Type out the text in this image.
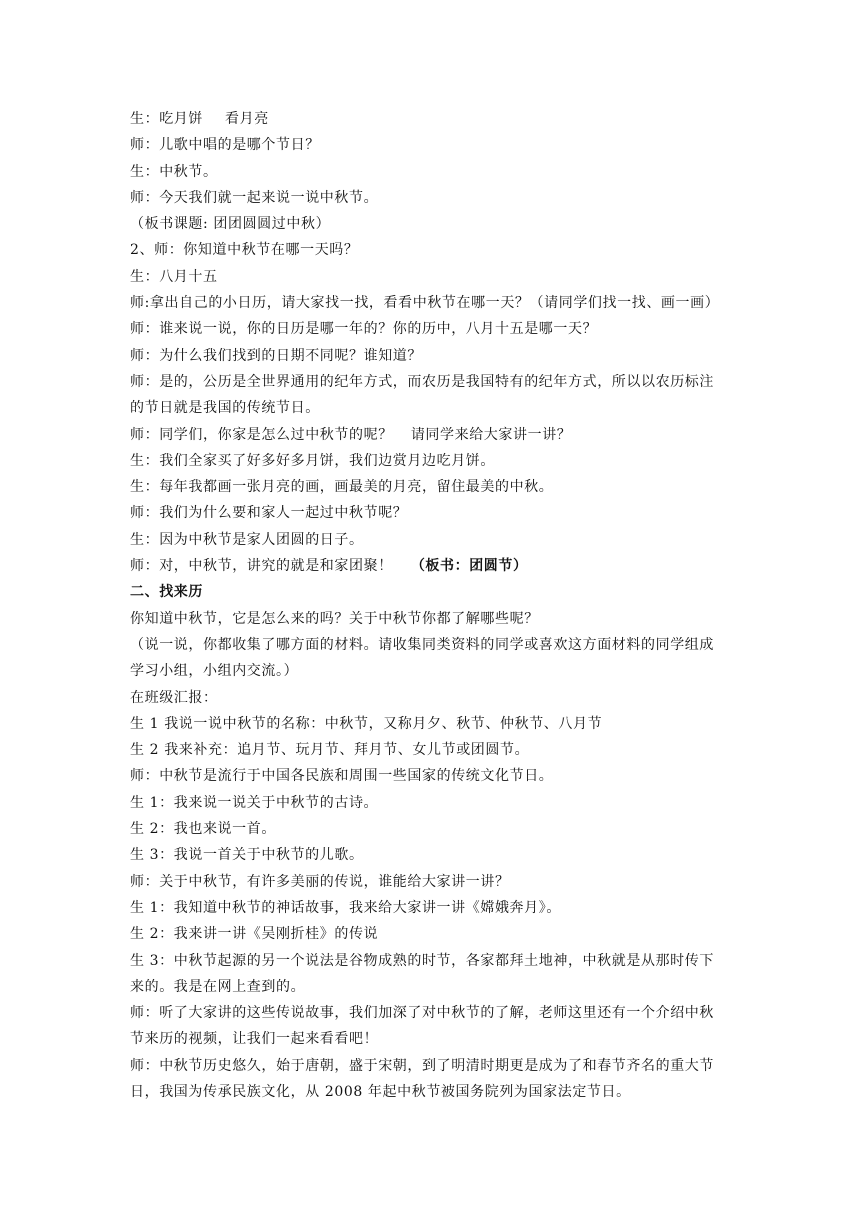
生：吃月饼 看月亮
师：儿歌中唱的是哪个节日？
生：中秋节。
师：今天我们就一起来说一说中秋节。
（板书课题: 团团圆圆过中秋）
2、师：你知道中秋节在哪一天吗？
生：八月十五
师:拿出自己的小日历，请大家找一找，看看中秋节在哪一天？（请同学们找一找、画一画）
师：谁来说一说，你的日历是哪一年的？你的历中，八月十五是哪一天？
师：为什么我们找到的日期不同呢？谁知道？
师：是的，公历是全世界通用的纪年方式，而农历是我国特有的纪年方式，所以以农历标注
的节日就是我国的传统节日。
师：同学们，你家是怎么过中秋节的呢？ 请同学来给大家讲一讲？
生：我们全家买了好多好多月饼，我们边赏月边吃月饼。
生：每年我都画一张月亮的画，画最美的月亮，留住最美的中秋。
师：我们为什么要和家人一起过中秋节呢？
生：因为中秋节是家人团圆的日子。
师：对，中秋节，讲究的就是和家团聚！ （板书：团圆节）
二、找来历
你知道中秋节，它是怎么来的吗？关于中秋节你都了解哪些呢？
（说一说，你都收集了哪方面的材料。请收集同类资料的同学或喜欢这方面材料的同学组成
学习小组，小组内交流。）
在班级汇报：
生 1 我说一说中秋节的名称：中秋节，又称月夕、秋节、仲秋节、八月节
生 2 我来补充：追月节、玩月节、拜月节、女儿节或团圆节。
师：中秋节是流行于中国各民族和周围一些国家的传统文化节日。
生 1：我来说一说关于中秋节的古诗。
生 2：我也来说一首。
生 3：我说一首关于中秋节的儿歌。
师：关于中秋节，有许多美丽的传说，谁能给大家讲一讲？
生 1：我知道中秋节的神话故事，我来给大家讲一讲《嫦娥奔月》。
生 2：我来讲一讲《吴刚折桂》的传说
生 3：中秋节起源的另一个说法是谷物成熟的时节，各家都拜土地神，中秋就是从那时传下
来的。我是在网上查到的。
师：听了大家讲的这些传说故事，我们加深了对中秋节的了解，老师这里还有一个介绍中秋
节来历的视频，让我们一起来看看吧！
师：中秋节历史悠久，始于唐朝，盛于宋朝，到了明清时期更是成为了和春节齐名的重大节
日，我国为传承民族文化，从 2008 年起中秋节被国务院列为国家法定节日。
